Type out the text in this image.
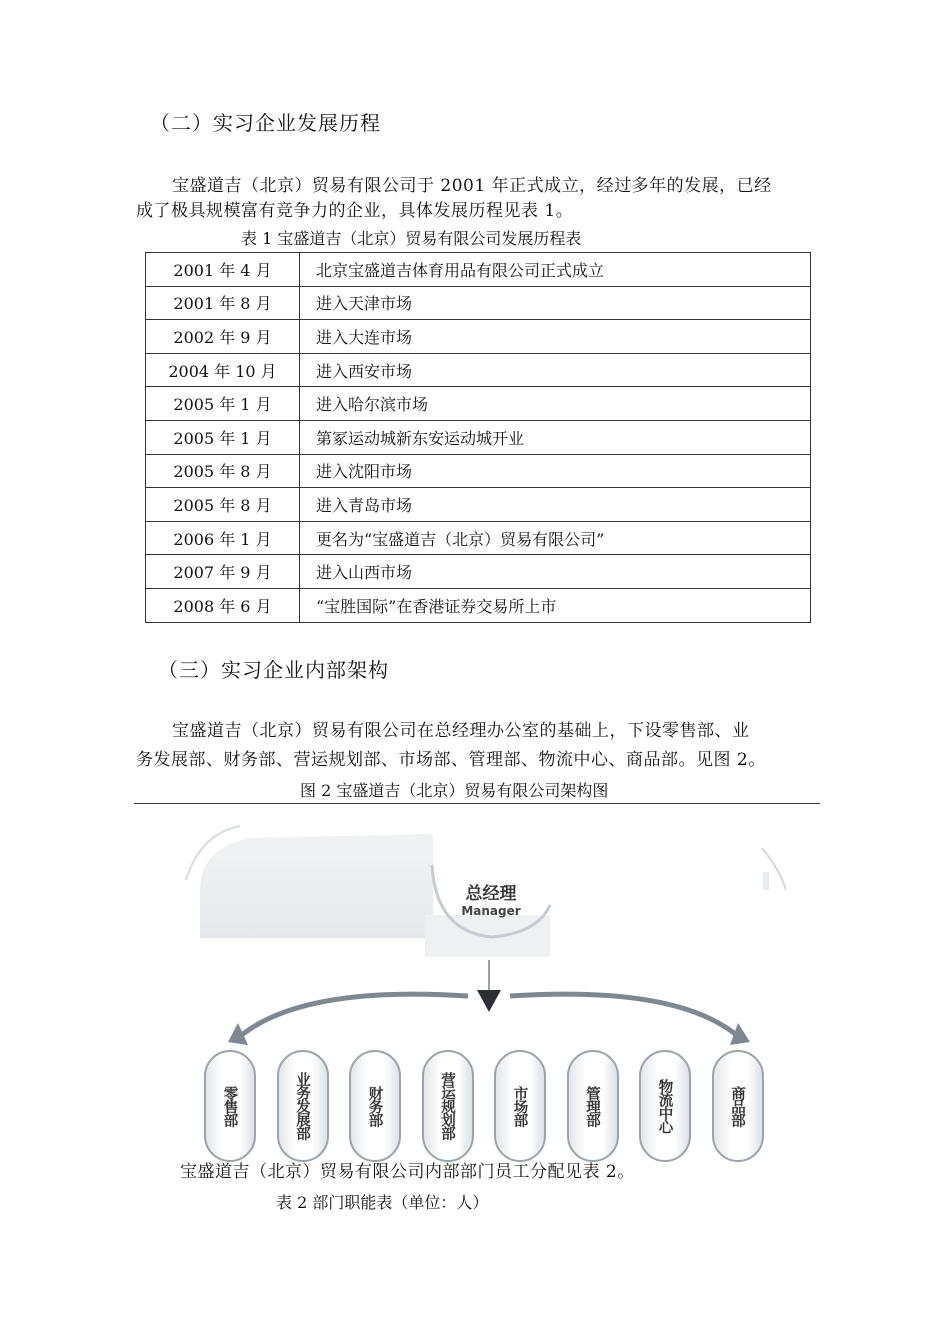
（二）实习企业发展历程
宝盛道吉（北京）贸易有限公司于 2001 年正式成立，经过多年的发展，已经
成了极具规模富有竞争力的企业，具体发展历程见表 1。
表 1 宝盛道吉（北京）贸易有限公司发展历程表
2001 年 4 月	北京宝盛道吉体育用品有限公司正式成立
2001 年 8 月	进入天津市场
2002 年 9 月	进入大连市场
2004 年 10 月	进入西安市场
2005 年 1 月	进入哈尔滨市场
2005 年 1 月	第冢运动城新东安运动城开业
2005 年 8 月	进入沈阳市场
2005 年 8 月	进入青岛市场
2006 年 1 月	更名为“宝盛道吉（北京）贸易有限公司”
2007 年 9 月	进入山西市场
2008 年 6 月	“宝胜国际”在香港证券交易所上市
（三）实习企业内部架构
宝盛道吉（北京）贸易有限公司在总经理办公室的基础上，下设零售部、业
务发展部、财务部、营运规划部、市场部、管理部、物流中心、商品部。见图 2。
图 2 宝盛道吉（北京）贸易有限公司架构图
总经理
Manager
零售部	业务发展部	财务部	营运规划部	市场部	管理部	物流中心	商品部
宝盛道吉（北京）贸易有限公司内部部门员工分配见表 2。
表 2 部门职能表（单位：人）
